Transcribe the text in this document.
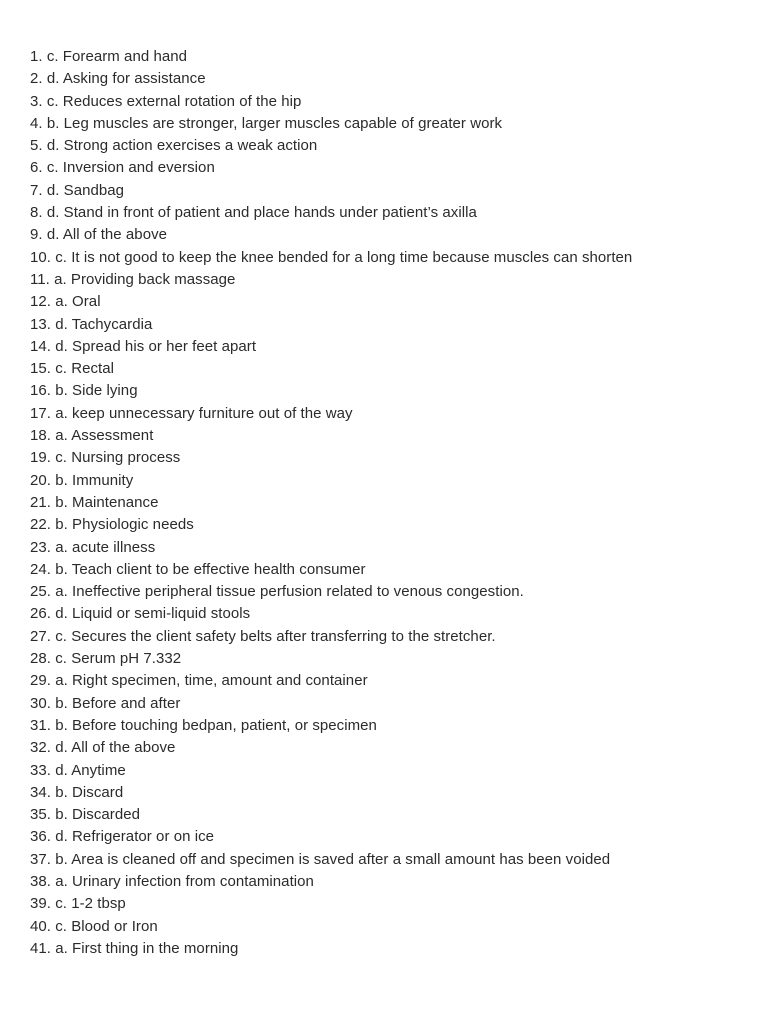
1. c. Forearm and hand
2. d. Asking for assistance
3. c. Reduces external rotation of the hip
4. b. Leg muscles are stronger, larger muscles capable of greater work
5. d. Strong action exercises a weak action
6. c. Inversion and eversion
7. d. Sandbag
8. d. Stand in front of patient and place hands under patient’s axilla
9. d. All of the above
10. c. It is not good to keep the knee bended for a long time because muscles can shorten
11. a. Providing back massage
12. a. Oral
13. d. Tachycardia
14. d. Spread his or her feet apart
15. c. Rectal
16. b. Side lying
17. a. keep unnecessary furniture out of the way
18. a. Assessment
19. c. Nursing process
20. b. Immunity
21. b. Maintenance
22. b. Physiologic needs
23. a. acute illness
24. b. Teach client to be effective health consumer
25. a. Ineffective peripheral tissue perfusion related to venous congestion.
26. d. Liquid or semi-liquid stools
27. c. Secures the client safety belts after transferring to the stretcher.
28. c. Serum pH 7.332
29. a. Right specimen, time, amount and container
30. b. Before and after
31. b. Before touching bedpan, patient, or specimen
32. d. All of the above
33. d. Anytime
34. b. Discard
35. b. Discarded
36. d. Refrigerator or on ice
37. b. Area is cleaned off and specimen is saved after a small amount has been voided
38. a. Urinary infection from contamination
39. c. 1-2 tbsp
40. c. Blood or Iron
41. a. First thing in the morning
